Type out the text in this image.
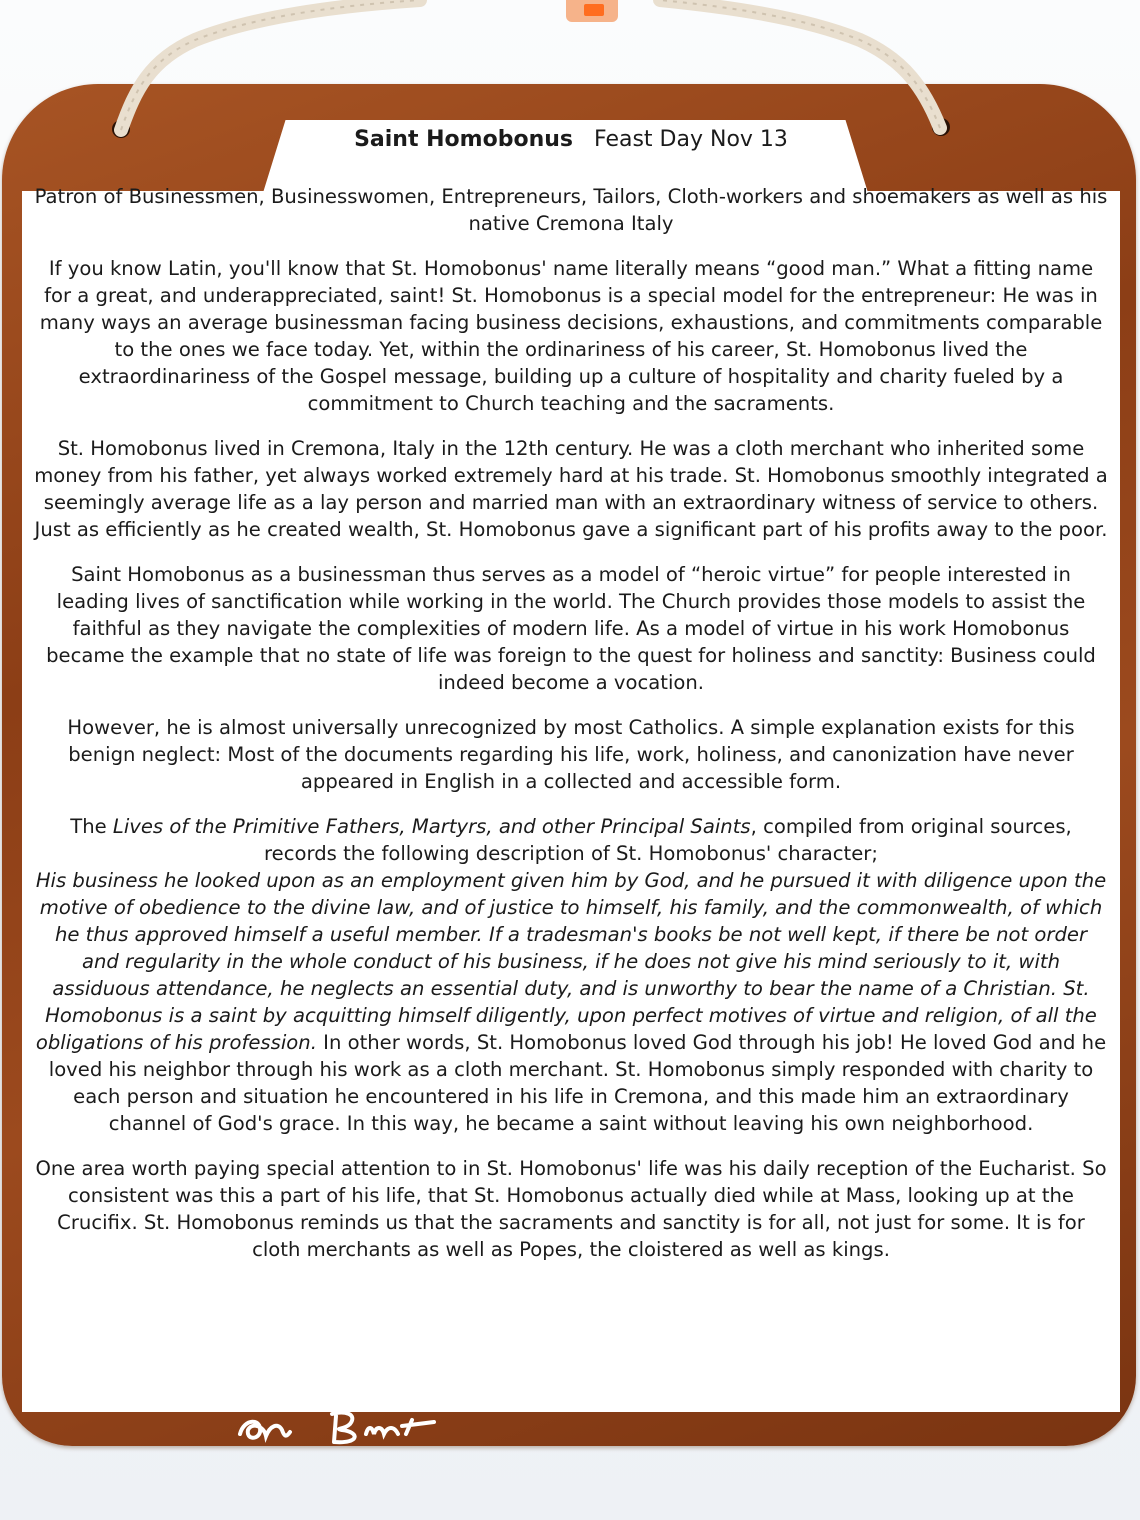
Saint Homobonus Feast Day Nov 13

Patron of Businessmen, Businesswomen, Entrepreneurs, Tailors, Cloth-workers and shoemakers as well as his native Cremona Italy

If you know Latin, you'll know that St. Homobonus' name literally means “good man.” What a fitting name for a great, and underappreciated, saint! St. Homobonus is a special model for the entrepreneur: He was in many ways an average businessman facing business decisions, exhaustions, and commitments comparable to the ones we face today. Yet, within the ordinariness of his career, St. Homobonus lived the extraordinariness of the Gospel message, building up a culture of hospitality and charity fueled by a commitment to Church teaching and the sacraments.

St. Homobonus lived in Cremona, Italy in the 12th century. He was a cloth merchant who inherited some money from his father, yet always worked extremely hard at his trade. St. Homobonus smoothly integrated a seemingly average life as a lay person and married man with an extraordinary witness of service to others. Just as efficiently as he created wealth, St. Homobonus gave a significant part of his profits away to the poor.

Saint Homobonus as a businessman thus serves as a model of “heroic virtue” for people interested in leading lives of sanctification while working in the world. The Church provides those models to assist the faithful as they navigate the complexities of modern life. As a model of virtue in his work Homobonus became the example that no state of life was foreign to the quest for holiness and sanctity: Business could indeed become a vocation.

However, he is almost universally unrecognized by most Catholics. A simple explanation exists for this benign neglect: Most of the documents regarding his life, work, holiness, and canonization have never appeared in English in a collected and accessible form.

The Lives of the Primitive Fathers, Martyrs, and other Principal Saints, compiled from original sources, records the following description of St. Homobonus' character;

His business he looked upon as an employment given him by God, and he pursued it with diligence upon the motive of obedience to the divine law, and of justice to himself, his family, and the commonwealth, of which he thus approved himself a useful member. If a tradesman's books be not well kept, if there be not order and regularity in the whole conduct of his business, if he does not give his mind seriously to it, with assiduous attendance, he neglects an essential duty, and is unworthy to bear the name of a Christian. St. Homobonus is a saint by acquitting himself diligently, upon perfect motives of virtue and religion, of all the obligations of his profession. In other words, St. Homobonus loved God through his job! He loved God and he loved his neighbor through his work as a cloth merchant. St. Homobonus simply responded with charity to each person and situation he encountered in his life in Cremona, and this made him an extraordinary channel of God's grace. In this way, he became a saint without leaving his own neighborhood.

One area worth paying special attention to in St. Homobonus' life was his daily reception of the Eucharist. So consistent was this a part of his life, that St. Homobonus actually died while at Mass, looking up at the Crucifix. St. Homobonus reminds us that the sacraments and sanctity is for all, not just for some. It is for cloth merchants as well as Popes, the cloistered as well as kings.
